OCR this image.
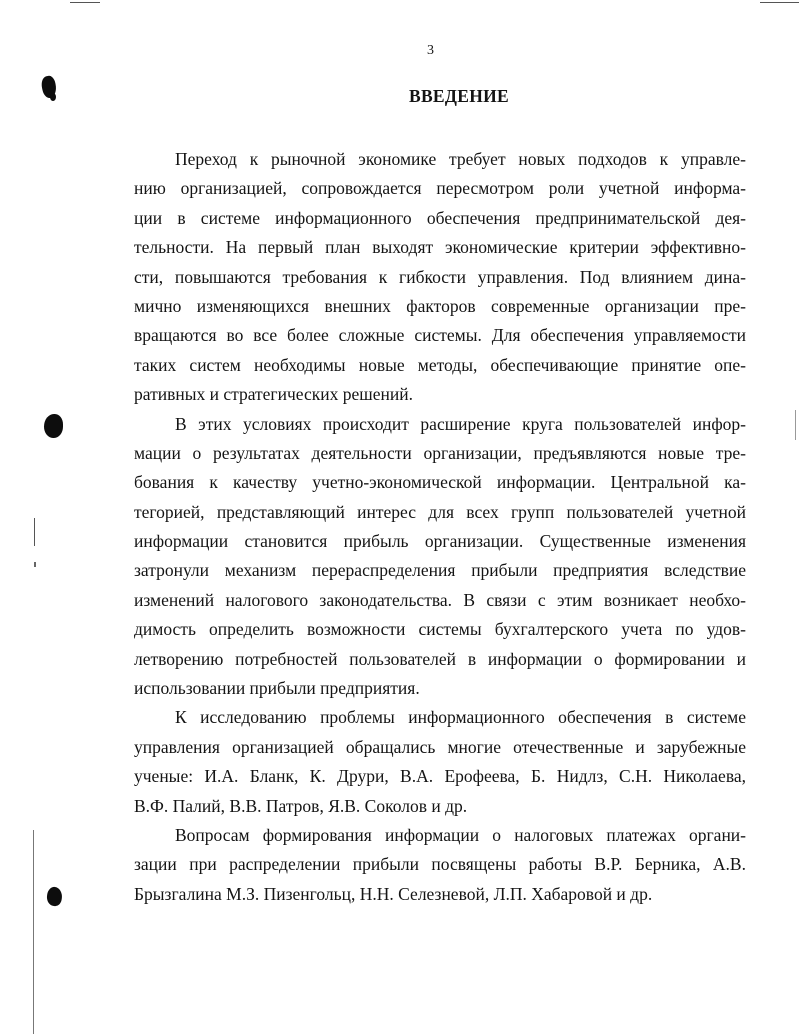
3
ВВЕДЕНИЕ
Переход к рыночной экономике требует новых подходов к управле-
нию организацией, сопровождается пересмотром роли учетной информа-
ции в системе информационного обеспечения предпринимательской дея-
тельности. На первый план выходят экономические критерии эффективно-
сти, повышаются требования к гибкости управления. Под влиянием дина-
мично изменяющихся внешних факторов современные организации пре-
вращаются во все более сложные системы. Для обеспечения управляемости
таких систем необходимы новые методы, обеспечивающие принятие опе-
ративных и стратегических решений.
В этих условиях происходит расширение круга пользователей инфор-
мации о результатах деятельности организации, предъявляются новые тре-
бования к качеству учетно-экономической информации. Центральной ка-
тегорией, представляющий интерес для всех групп пользователей учетной
информации становится прибыль организации. Существенные изменения
затронули механизм перераспределения прибыли предприятия вследствие
изменений налогового законодательства. В связи с этим возникает необхо-
димость определить возможности системы бухгалтерского учета по удов-
летворению потребностей пользователей в информации о формировании и
использовании прибыли предприятия.
К исследованию проблемы информационного обеспечения в системе
управления организацией обращались многие отечественные и зарубежные
ученые: И.А. Бланк, К. Друри, В.А. Ерофеева, Б. Нидлз, С.Н. Николаева,
В.Ф. Палий, В.В. Патров, Я.В. Соколов и др.
Вопросам формирования информации о налоговых платежах органи-
зации при распределении прибыли посвящены работы В.Р. Берника, А.В.
Брызгалина М.З. Пизенгольц, Н.Н. Селезневой, Л.П. Хабаровой и др.
